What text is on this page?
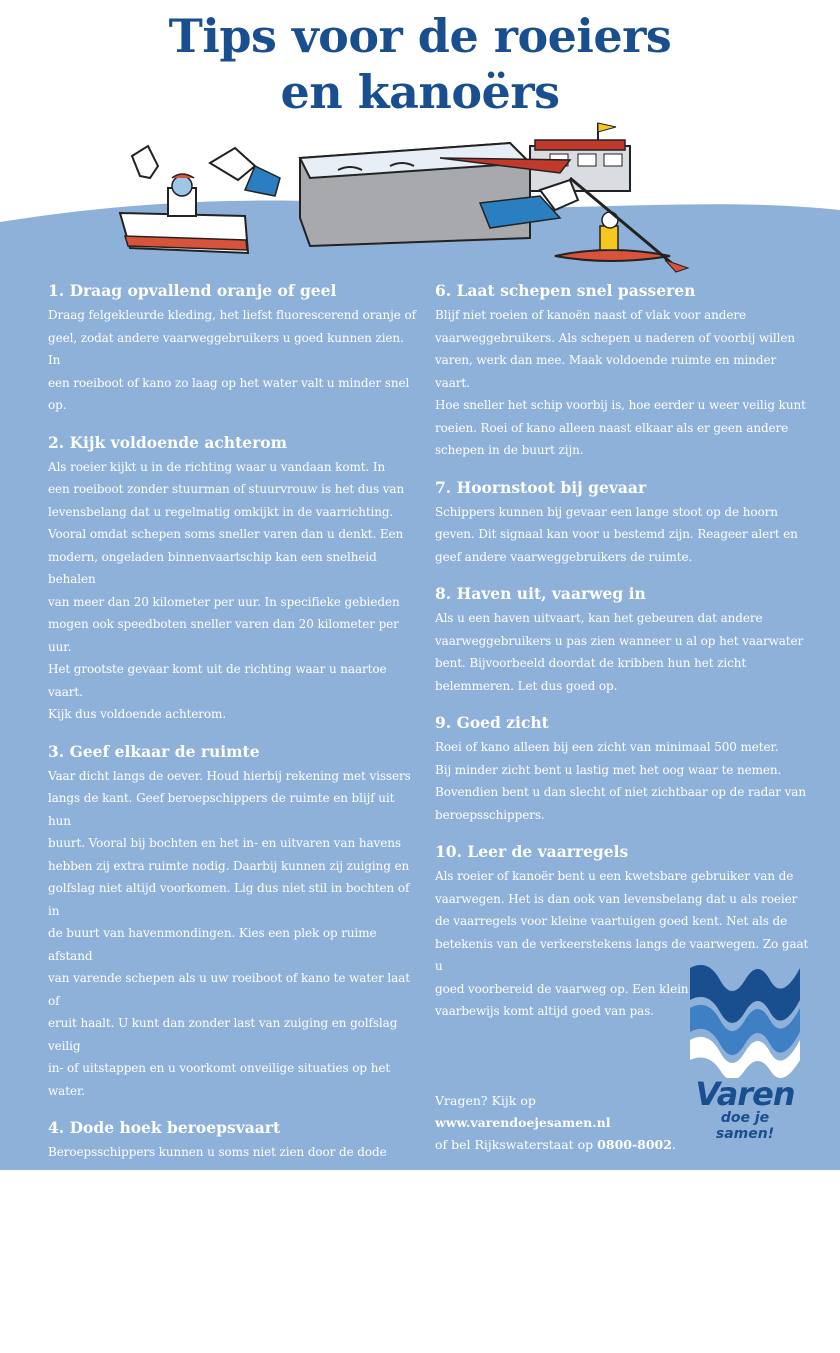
Tips voor de roeiers
en kanoërs
1. Draag opvallend oranje of geel

Draag felgekleurde kleding, het liefst fluorescerend oranje of
geel, zodat andere vaarweggebruikers u goed kunnen zien. In
een roeiboot of kano zo laag op het water valt u minder snel op.

2. Kijk voldoende achterom

Als roeier kijkt u in de richting waar u vandaan komt. In
een roeiboot zonder stuurman of stuurvrouw is het dus van
levensbelang dat u regelmatig omkijkt in de vaarrichting.
Vooral omdat schepen soms sneller varen dan u denkt. Een
modern, ongeladen binnenvaartschip kan een snelheid behalen
van meer dan 20 kilometer per uur. In specifieke gebieden
mogen ook speedboten sneller varen dan 20 kilometer per uur.
Het grootste gevaar komt uit de richting waar u naartoe vaart.
Kijk dus voldoende achterom.

3. Geef elkaar de ruimte

Vaar dicht langs de oever. Houd hierbij rekening met vissers
langs de kant. Geef beroepschippers de ruimte en blijf uit hun
buurt. Vooral bij bochten en het in- en uitvaren van havens
hebben zij extra ruimte nodig. Daarbij kunnen zij zuiging en
golfslag niet altijd voorkomen. Lig dus niet stil in bochten of in
de buurt van havenmondingen. Kies een plek op ruime afstand
van varende schepen als u uw roeiboot of kano te water laat of
eruit haalt. U kunt dan zonder last van zuiging en golfslag veilig
in- of uitstappen en u voorkomt onveilige situaties op het water.

4. Dode hoek beroepsvaart

Beroepsschippers kunnen u soms niet zien door de dode
hoek voor hun vaartuig. Die kan maar liefst 350 meter lang
zijn. Ofwel, drie voetbalvelden achter elkaar! Pas uw koers
en snelheid zo aan dat u buiten de dode hoek blijft. Als u de
stuurhut van het schip kunt zien, kan de schipper u ook zien!

5. Duidelijke koers

Laat met uw koers en snelheid duidelijk zien wat u van plan
bent en wijk daar niet abrupt van af.

6. Laat schepen snel passeren

Blijf niet roeien of kanoën naast of vlak voor andere
vaarweggebruikers. Als schepen u naderen of voorbij willen
varen, werk dan mee. Maak voldoende ruimte en minder vaart.
Hoe sneller het schip voorbij is, hoe eerder u weer veilig kunt
roeien. Roei of kano alleen naast elkaar als er geen andere
schepen in de buurt zijn.

7. Hoornstoot bij gevaar

Schippers kunnen bij gevaar een lange stoot op de hoorn
geven. Dit signaal kan voor u bestemd zijn. Reageer alert en
geef andere vaarweggebruikers de ruimte.

8. Haven uit, vaarweg in

Als u een haven uitvaart, kan het gebeuren dat andere
vaarweggebruikers u pas zien wanneer u al op het vaarwater
bent. Bijvoorbeeld doordat de kribben hun het zicht
belemmeren. Let dus goed op.

9. Goed zicht

Roei of kano alleen bij een zicht van minimaal 500 meter.
Bij minder zicht bent u lastig met het oog waar te nemen.
Bovendien bent u dan slecht of niet zichtbaar op de radar van
beroepsschippers.

10. Leer de vaarregels

Als roeier of kanoër bent u een kwetsbare gebruiker van de
vaarwegen. Het is dan ook van levensbelang dat u als roeier
de vaarregels voor kleine vaartuigen goed kent. Net als de
betekenis van de verkeerstekens langs de vaarwegen. Zo gaat u
goed voorbereid de vaarweg op. Een klein
vaarbewijs komt altijd goed van pas.

Vragen? Kijk op www.varendoejesamen.nl
of bel Rijkswaterstaat op 0800-8002.
Varen
doe je samen!
